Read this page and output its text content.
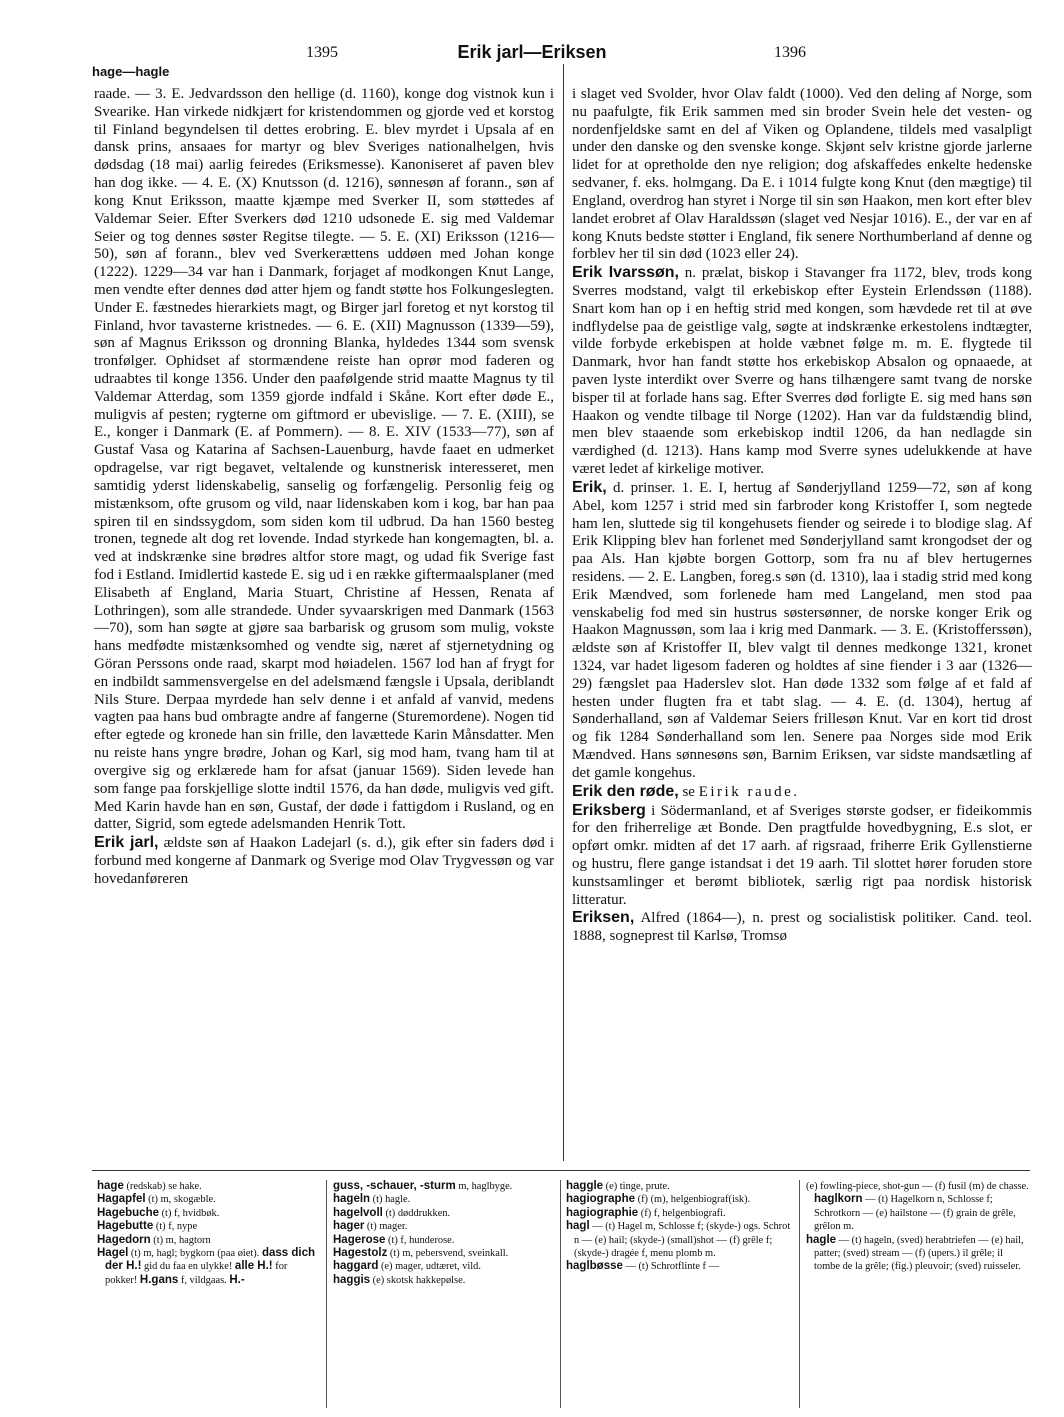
1395	Erik jarl—Eriksen	1396
hage—hagle

raade. — 3. E. Jedvardsson den hellige (d. 1160), konge dog vistnok kun i Svearike. Han virkede nidkjært for kristendommen og gjorde ved et korstog til Finland begyndelsen til dettes erobring. E. blev myrdet i Upsala af en dansk prins, ansaaes for martyr og blev Sveriges nationalhelgen, hvis dødsdag (18 mai) aarlig feiredes (Eriksmesse). Kanoniseret af paven blev han dog ikke. — 4. E. (X) Knutsson (d. 1216), sønnesøn af forann., søn af kong Knut Eriksson, maatte kjæmpe med Sverker II, som støttedes af Valdemar Seier. Efter Sverkers død 1210 udsonede E. sig med Valdemar Seier og tog dennes søster Regitse tilegte. — 5. E. (XI) Eriksson (1216—50), søn af forann., blev ved Sverkerættens uddøen med Johan konge (1222). 1229—34 var han i Danmark, forjaget af modkongen Knut Lange, men vendte efter dennes død atter hjem og fandt støtte hos Folkungeslegten. Under E. fæstnedes hierarkiets magt, og Birger jarl foretog et nyt korstog til Finland, hvor tavasterne kristnedes. — 6. E. (XII) Magnusson (1339—59), søn af Magnus Eriksson og dronning Blanka, hyldedes 1344 som svensk tronfølger. Ophidset af stormændene reiste han oprør mod faderen og udraabtes til konge 1356. Under den paafølgende strid maatte Magnus ty til Valdemar Atterdag, som 1359 gjorde indfald i Skåne. Kort efter døde E., muligvis af pesten; rygterne om giftmord er ubevislige. — 7. E. (XIII), se E., konger i Danmark (E. af Pommern). — 8. E. XIV (1533—77), søn af Gustaf Vasa og Katarina af Sachsen-Lauenburg, havde faaet en udmerket opdragelse, var rigt begavet, veltalende og kunstnerisk interesseret, men samtidig yderst lidenskabelig, sanselig og forfængelig. Personlig feig og mistænksom, ofte grusom og vild, naar lidenskaben kom i kog, bar han paa spiren til en sindssygdom, som siden kom til udbrud. Da han 1560 besteg tronen, tegnede alt dog ret lovende. Indad styrkede han kongemagten, bl. a. ved at indskrænke sine brødres altfor store magt, og udad fik Sverige fast fod i Estland. Imidlertid kastede E. sig ud i en række giftermaalsplaner (med Elisabeth af England, Maria Stuart, Christine af Hessen, Renata af Lothringen), som alle strandede. Under syvaarskrigen med Danmark (1563—70), som han søgte at gjøre saa barbarisk og grusom som mulig, vokste hans medfødte mistænksomhed og vendte sig, næret af stjernetydning og Göran Perssons onde raad, skarpt mod høiadelen. 1567 lod han af frygt for en indbildt sammensvergelse en del adelsmænd fængsle i Upsala, deriblandt Nils Sture. Derpaa myrdede han selv denne i et anfald af vanvid, medens vagten paa hans bud ombragte andre af fangerne (Sturemordene). Nogen tid efter egtede og kronede han sin frille, den lavættede Karin Månsdatter. Men nu reiste hans yngre brødre, Johan og Karl, sig mod ham, tvang ham til at overgive sig og erklærede ham for afsat (januar 1569). Siden levede han som fange paa forskjellige slotte indtil 1576, da han døde, muligvis ved gift. Med Karin havde han en søn, Gustaf, der døde i fattigdom i Rusland, og en datter, Sigrid, som egtede adelsmanden Henrik Tott.

Erik jarl, ældste søn af Haakon Ladejarl (s. d.), gik efter sin faders død i forbund med kongerne af Danmark og Sverige mod Olav Trygvessøn og var hovedanføreren

i slaget ved Svolder, hvor Olav faldt (1000). Ved den deling af Norge, som nu paafulgte, fik Erik sammen med sin broder Svein hele det vesten- og nordenfjeldske samt en del af Viken og Oplandene, tildels med vasalpligt under den danske og den svenske konge. Skjønt selv kristne gjorde jarlerne lidet for at opretholde den nye religion; dog afskaffedes enkelte hedenske sedvaner, f. eks. holmgang. Da E. i 1014 fulgte kong Knut (den mægtige) til England, overdrog han styret i Norge til sin søn Haakon, men kort efter blev landet erobret af Olav Haraldssøn (slaget ved Nesjar 1016). E., der var en af kong Knuts bedste støtter i England, fik senere Northumberland af denne og forblev her til sin død (1023 eller 24).

Erik Ivarssøn, n. prælat, biskop i Stavanger fra 1172, blev, trods kong Sverres modstand, valgt til erkebiskop efter Eystein Erlendssøn (1188). Snart kom han op i en heftig strid med kongen, som hævdede ret til at øve indflydelse paa de geistlige valg, søgte at indskrænke erkestolens indtægter, vilde forbyde erkebispen at holde væbnet følge m. m. E. flygtede til Danmark, hvor han fandt støtte hos erkebiskop Absalon og opnaaede, at paven lyste interdikt over Sverre og hans tilhængere samt tvang de norske bisper til at forlade hans sag. Efter Sverres død forligte E. sig med hans søn Haakon og vendte tilbage til Norge (1202). Han var da fuldstændig blind, men blev staaende som erkebiskop indtil 1206, da han nedlagde sin værdighed (d. 1213). Hans kamp mod Sverre synes udelukkende at have været ledet af kirkelige motiver.

Erik, d. prinser. 1. E. I, hertug af Sønderjylland 1259—72, søn af kong Abel, kom 1257 i strid med sin farbroder kong Kristoffer I, som negtede ham len, sluttede sig til kongehusets fiender og seirede i to blodige slag. Af Erik Klipping blev han forlenet med Sønderjylland samt krongodset der og paa Als. Han kjøbte borgen Gottorp, som fra nu af blev hertugernes residens. — 2. E. Langben, foreg.s søn (d. 1310), laa i stadig strid med kong Erik Mændved, som forlenede ham med Langeland, men stod paa venskabelig fod med sin hustrus søstersønner, de norske konger Erik og Haakon Magnussøn, som laa i krig med Danmark. — 3. E. (Kristofferssøn), ældste søn af Kristoffer II, blev valgt til dennes medkonge 1321, kronet 1324, var hadet ligesom faderen og holdtes af sine fiender i 3 aar (1326—29) fængslet paa Haderslev slot. Han døde 1332 som følge af et fald af hesten under flugten fra et tabt slag. — 4. E. (d. 1304), hertug af Sønderhalland, søn af Valdemar Seiers frillesøn Knut. Var en kort tid drost og fik 1284 Sønderhalland som len. Senere paa Norges side mod Erik Mændved. Hans sønnesøns søn, Barnim Eriksen, var sidste mandsætling af det gamle kongehus.

Erik den røde, se Eirik raude.

Eriksberg i Södermanland, et af Sveriges største godser, er fideikommis for den friherrelige æt Bonde. Den pragtfulde hovedbygning, E.s slot, er opført omkr. midten af det 17 aarh. af rigsraad, friherre Erik Gyllenstierne og hustru, flere gange istandsat i det 19 aarh. Til slottet hører foruden store kunstsamlinger et berømt bibliotek, særlig rigt paa nordisk historisk litteratur.

Eriksen, Alfred (1864—), n. prest og socialistisk politiker. Cand. teol. 1888, sogneprest til Karlsø, Tromsø

hage (redskab) se hake.

Hagapfel (t) m, skogæble.

Hagebuche (t) f, hvidbøk.

Hagebutte (t) f, nype

Hagedorn (t) m, hagtorn

Hagel (t) m, hagl; bygkorn (paa øiet). dass dich der H.! gid du faa en ulykke! alle H.! for pokker! H.gans f, vildgaas. H.-

guss, -schauer, -sturm m, haglbyge.

hageln (t) hagle.

hagelvoll (t) døddrukken.

hager (t) mager.

Hagerose (t) f, hunderose.

Hagestolz (t) m, pebersvend, sveinkall.

haggard (e) mager, udtæret, vild.

haggis (e) skotsk hakkepølse.

haggle (e) tinge, prute.

hagiographe (f) (m), helgenbiograf(isk).

hagiographie (f) f, helgenbiografi.

hagl — (t) Hagel m, Schlosse f; (skyde-) ogs. Schrot n — (e) hail; (skyde-) (small)shot — (f) grêle f; (skyde-) dragée f, menu plomb m.

haglbøsse — (t) Schrotflinte f —

(e) fowling-piece, shot-gun — (f) fusil (m) de chasse. haglkorn — (t) Hagelkorn n, Schlosse f; Schrotkorn — (e) hailstone — (f) grain de grêle, grêlon m.

hagle — (t) hageln, (sved) herabtriefen — (e) hail, patter; (sved) stream — (f) (upers.) il grêle; il tombe de la grêle; (fig.) pleuvoir; (sved) ruisseler.
